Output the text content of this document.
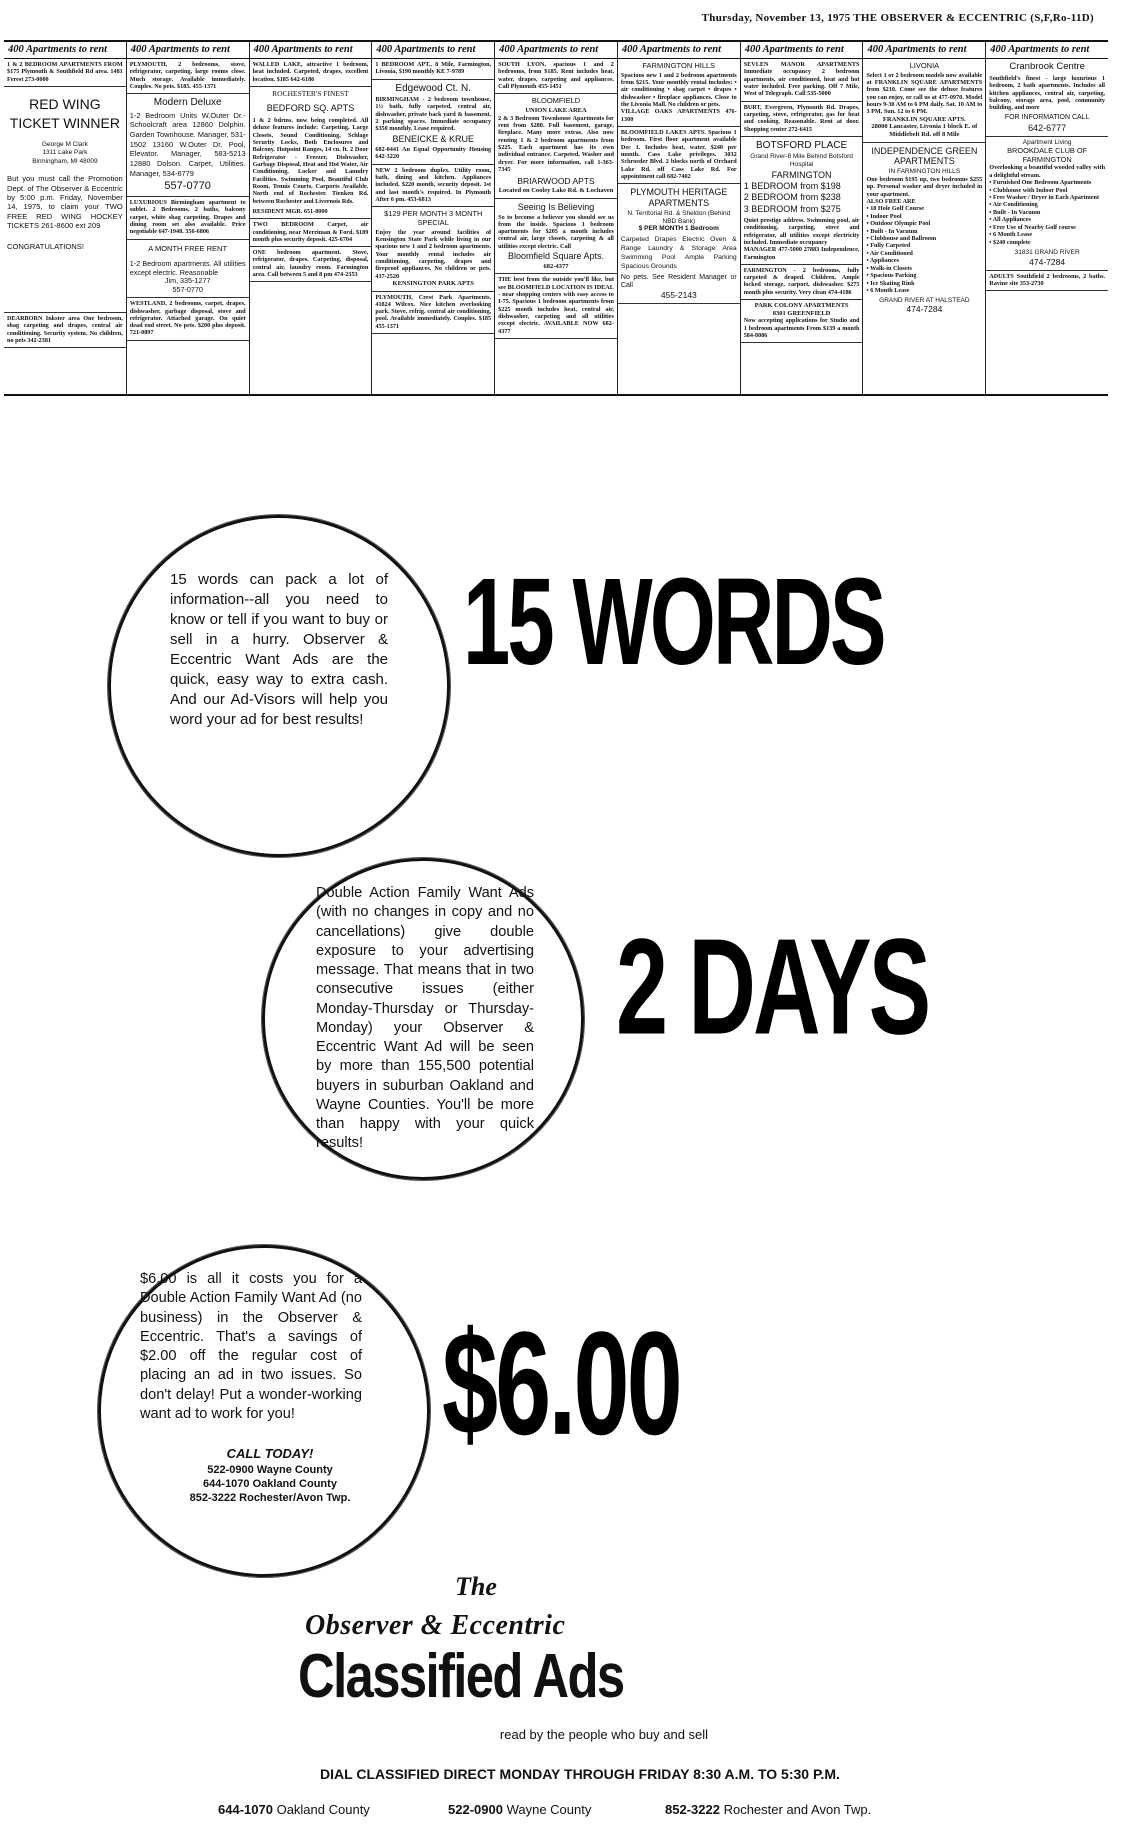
Thursday, November 13, 1975 THE OBSERVER & ECCENTRIC (S,F,Ro-11D)
400 Apartments to rent
1 & 2 BEDROOM APARTMENTS FROM $175 Plymouth & Southfield Rd area. 1481 Ferest 273-0000
RED WING TICKET WINNER
George M Clark
1311 Lake Park
Birmingham, MI 48009
But you must call the Promotion Dept. of The Observer & Eccentric by 5:00 p.m. Friday, November 14, 1975, to claim your TWO FREE RED WING HOCKEY TICKETS 261-8600 ext 209
CONGRATULATIONS!
DEARBORN Inkster area One bedroom, shag carpeting and drapes, central air conditioning. Security system. No children, no pets 342-2381
400 Apartments to rent
PLYMOUTH, 2 bedrooms, stove, refrigerator, carpeting, large rooms close. Much storage. Available immediately. Couples. No pets. $185. 455-1371
Modern Deluxe
1-2 Bedroom Units W.Outer Dr.-Schoolcraft area 12860 Dolphin. Garden Townhouse. Manager, 531-1502 13160 W.Outer Dr. Pool, Elevator. Manager, 583-5213 12880 Dolson. Carpet, Utilities. Manager, 534-6779
557-0770
LUXURIOUS Birmingham apartment to sublet. 2 Bedrooms, 2 baths, balcony carpet, white shag carpeting. Drapes and dining room set also available. Price negotiable 647-1948. 356-6806
A MONTH FREE RENT
1-2 Bedroom apartments. All utilities except electric. Reasonable
Jim, 335-1277
557-0770
WESTLAND, 2 bedrooms, carpet, drapes, dishwasher, garbage disposal, stove and refrigerator. Attached garage. On quiet dead end street. No pets. $200 plus deposit. 721-0897
400 Apartments to rent
WALLED LAKE, attractive 1 bedroom, heat included. Carpeted, drapes, excellent location. $185 642-6186
ROCHESTER'S FINEST
BEDFORD SQ. APTS
1 & 2 bdrms. now being completed. All deluxe features include: Carpeting, Large Closets, Sound Conditioning, Schlage Security Locks, Both Enclosures and Balcony. Hotpoint Ranges, 14 cu. ft. 2 Door Refrigerator - Freezer, Dishwasher, Garbage Disposal, Heat and Hot Water, Air Conditioning, Locker and Laundry Facilities. Swimming Pool, Beautiful Club Room, Tennis Courts, Carports Available. North end of Rochester. Tienken Rd. between Rochester and Livernois Rds.
RESIDENT MGR. 651-8000
TWO BEDROOM Carpet, air conditioning, near Merriman & Ford. $189 month plus security deposit. 425-6704
ONE bedroom apartment. Stove, refrigerator, drapes. Carpeting, disposal, central air, laundry room. Farmington area. Call between 5 and 8 pm 474-2353
400 Apartments to rent
1 BEDROOM APT., 8 Mile, Farmington, Livonia, $190 monthly KE 7-9789
Edgewood Ct. N.
BIRMINGHAM - 2 bedroom townhouse, 1½ bath, fully carpeted, central air, dishwasher, private back yard & basement. 2 parking spaces. Immediate occupancy $350 monthly. Lease required.
BENEICKE & KRUE
682-0441 An Equal Opportunity Housing 642-3220
NEW 2 bedroom duplex. Utility room, bath, dining and kitchen. Appliances included. $220 month, security deposit. 1st and last month's required. In Plymouth After 6 pm. 453-6813
$129 PER MONTH 3 MONTH SPECIAL
Enjoy the year around facilities of Kensington State Park while living in our spacious new 1 and 2 bedroom apartments. Your monthly rental includes air conditioning, carpeting, drapes and fireproof appliances. No children or pets. 437-2520
KENSINGTON PARK APTS
PLYMOUTH, Crest Park Apartments. 41824 Wilcox. Nice kitchen overlooking park. Stove, refrig. central air conditioning, pool. Available immediately. Couples. $185 455-1371
400 Apartments to rent
SOUTH LYON, spacious 1 and 2 bedrooms, from $185. Rent includes heat, water, drapes, carpeting and appliances. Call Plymouth 455-1451
BLOOMFIELD
UNION LAKE AREA
2 & 3 Bedroom Townhouse Apartments for rent from $280. Full basement, garage, fireplace. Many more extras. Also now renting 1 & 2 bedroom apartments from $225. Each apartment has its own individual entrance. Carpeted, Washer and dryer. For more information, call 1-363-7345
BRIARWOOD APTS
Located on Cooley Lake Rd. & Lochaven
Seeing Is Believing
So to become a believer you should see us from the inside. Spacious 1 bedroom apartments for $205 a month includes central air, large closets, carpeting & all utilities except electric. Call
Bloomfield Square Apts.
682-4377
THE best from the outside you'll like, but see BLOOMFIELD LOCATION IS IDEAL - near shopping centers with easy access to I-75. Spacious 1 bedroom apartments from $225 month includes heat, central air, dishwasher, carpeting and all utilities except electric. AVAILABLE NOW 682-4377
400 Apartments to rent
FARMINGTON HILLS
Spacious new 1 and 2 bedroom apartments from $215. Your monthly rental includes: • air conditioning • shag carpet • drapes • dishwasher • fireplace appliances. Close to the Livonia Mall. No children or pets.
VILLAGE OAKS APARTMENTS 476-1300
BLOOMFIELD LAKES APTS. Spacious 1 bedroom. First floor apartment available Dec 1. Includes heat, water, $240 per month. Cass Lake privileges. 3032 Schroeder Blvd. 2 blocks north of Orchard Lake Rd. off Cass Lake Rd. For appointment call 682-7402
PLYMOUTH HERITAGE APARTMENTS
N. Territorial Rd. & Sheldon (Behind NBD Bank)
$ PER MONTH 1 Bedroom
Carpeted Drapes Electric Oven & Range Laundry & Storage Area Swimming Pool Ample Parking Spacious Grounds
No pets. See Resident Manager or Call
455-2143
400 Apartments to rent
SEVLEN MANOR APARTMENTS Immediate occupancy 2 bedroom apartments, air conditioned, heat and hot water included. Free parking. Off 7 Mile, West of Telegraph. Call 535-5000
BURT, Evergreen, Plymouth Rd. Drapes, carpeting, stove, refrigerator, gas for heat and cooking. Reasonable. Rent at door. Shopping center 272-6415
BOTSFORD PLACE
Grand River-8 Mile Behind Botsford Hospital
FARMINGTON
1 BEDROOM from $198
2 BEDROOM from $238
3 BEDROOM from $275
Quiet prestige address. Swimming pool, air conditioning, carpeting, stove and refrigerator, all utilities except electricity included. Immediate occupancy
MANAGER 477-5000 27883 Independence, Farmington
FARMINGTON - 2 bedrooms, fully carpeted & draped. Children. Ample locked storage, carport, dishwasher. $275 month plus security. Very clean 474-4186
PARK COLONY APARTMENTS
8301 GREENFIELD
Now accepting applications for Studio and 1 bedroom apartments From $139 a month 584-8086
400 Apartments to rent
LIVONIA
Select 1 or 2 bedroom models now available at FRANKLIN SQUARE APARTMENTS from $210. Come see the deluxe features you can enjoy, or call us at 477-0970. Model hours 9-30 AM to 6 PM daily. Sat. 10 AM to 3 PM, Sun. 12 to 6 PM.
FRANKLIN SQUARE APTS.
28000 Lancaster, Livonia 1 block E. of Middlebelt Rd. off 8 Mile
INDEPENDENCE GREEN APARTMENTS
IN FARMINGTON HILLS
One bedroom $195 up, two bedrooms $255 up. Personal washer and dryer included in your apartment.
ALSO FREE ARE
• 18 Hole Golf Course
• Indoor Pool
• Outdoor Olympic Pool
• Built - In Vacuum
• Clubhouse and Ballroom
• Fully Carpeted
• Air Conditioned
• Appliances
• Walk-in Closets
• Spacious Parking
• Ice Skating Rink
• 6 Month Lease
GRAND RIVER AT HALSTEAD
474-7284
400 Apartments to rent
Cranbrook Centre
Southfield's finest - large luxurious 1 bedroom, 2 bath apartments. Includes all kitchen appliances, central air, carpeting, balcony, storage area, pool, community building, and more
FOR INFORMATION CALL
642-6777
Apartment Living
BROOKDALE CLUB OF FARMINGTON
Overlooking a beautiful wooded valley with a delightful stream.
• Furnished One Bedroom Apartments
• Clubhouse with Indoor Pool
• Free Washer / Dryer in Each Apartment
• Air Conditioning
• Built - In Vacuum
• All Appliances
• Free Use of Nearby Golf course
• 6 Month Lease
• $240 complete
31831 GRAND RIVER
474-7284
ADULTS Southfield 2 bedrooms, 2 baths. Ravine site 353-2730
15 words can pack a lot of information--all you need to know or tell if you want to buy or sell in a hurry. Observer & Eccentric Want Ads are the quick, easy way to extra cash. And our Ad-Visors will help you word your ad for best results!
15 WORDS
Double Action Family Want Ads (with no changes in copy and no cancellations) give double exposure to your advertising message. That means that in two consecutive issues (either Monday-Thursday or Thursday-Monday) your Observer & Eccentric Want Ad will be seen by more than 155,500 potential buyers in suburban Oakland and Wayne Counties. You'll be more than happy with your quick results!
2 DAYS
$6.00 is all it costs you for a Double Action Family Want Ad (no business) in the Observer & Eccentric. That's a savings of $2.00 off the regular cost of placing an ad in two issues. So don't delay! Put a wonder-working want ad to work for you!
CALL TODAY!
522-0900 Wayne County
644-1070 Oakland County
852-3222 Rochester/Avon Twp.
$6.00
The
Observer & Eccentric
Classified Ads
read by the people who buy and sell
DIAL CLASSIFIED DIRECT MONDAY THROUGH FRIDAY 8:30 A.M. TO 5:30 P.M.
644-1070 Oakland County	522-0900 Wayne County	852-3222 Rochester and Avon Twp.
